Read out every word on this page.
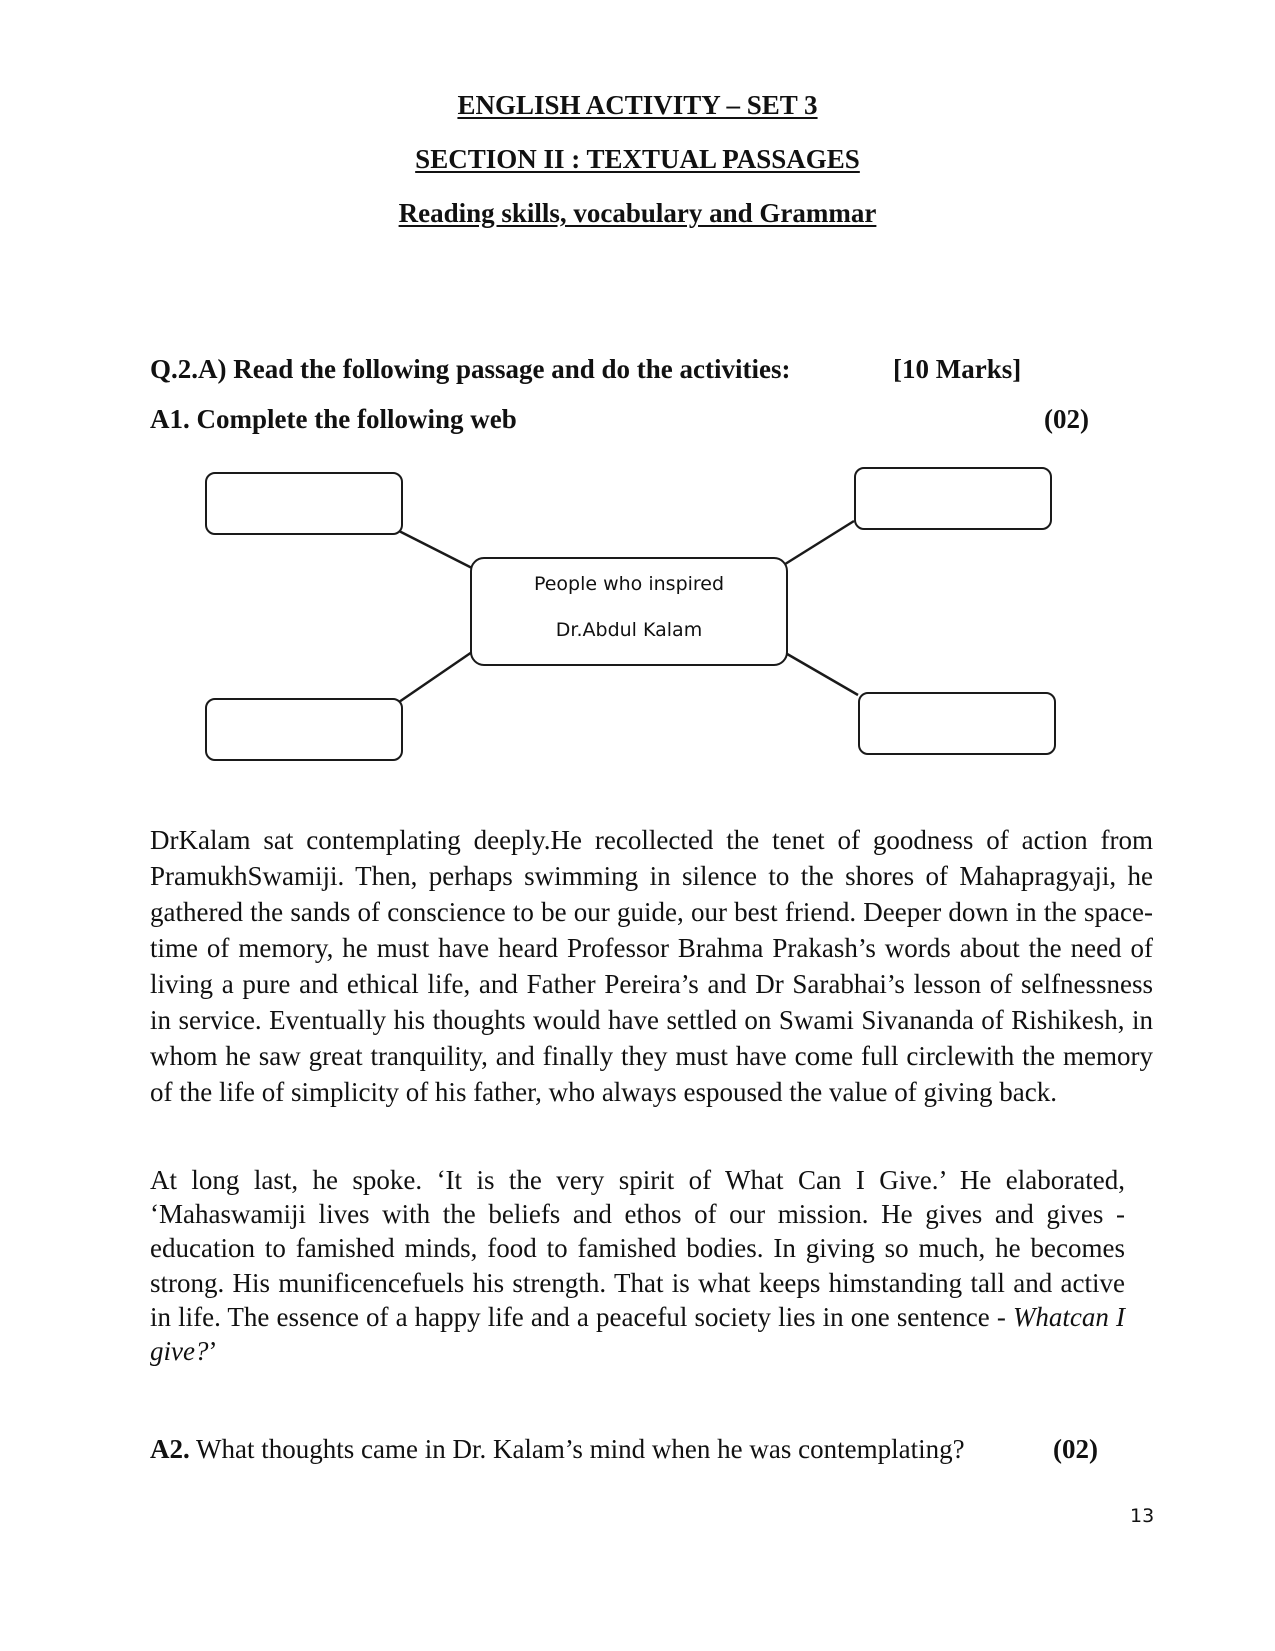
ENGLISH ACTIVITY – SET 3
SECTION II : TEXTUAL PASSAGES
Reading skills, vocabulary and Grammar
Q.2.A) Read the following passage and do the activities:	[10 Marks]
A1. Complete the following web	(02)
People who inspired
Dr.Abdul Kalam

DrKalam sat contemplating deeply.He recollected the tenet of goodness of action from PramukhSwamiji. Then, perhaps swimming in silence to the shores of Mahapragyaji, he gathered the sands of conscience to be our guide, our best friend. Deeper down in the space-time of memory, he must have heard Professor Brahma Prakash’s words about the need of living a pure and ethical life, and Father Pereira’s and Dr Sarabhai’s lesson of selfnessness in service. Eventually his thoughts would have settled on Swami Sivananda of Rishikesh, in whom he saw great tranquility, and finally they must have come full circlewith the memory of the life of simplicity of his father, who always espoused the value of giving back.

At long last, he spoke. ‘It is the very spirit of What Can I Give.’ He elaborated, ‘Mahaswamiji lives with the beliefs and ethos of our mission. He gives and gives - education to famished minds, food to famished bodies. In giving so much, he becomes strong. His munificencefuels his strength. That is what keeps himstanding tall and active in life. The essence of a happy life and a peaceful society lies in one sentence - Whatcan I give?’

A2. What thoughts came in Dr. Kalam’s mind when he was contemplating?	(02)
13
